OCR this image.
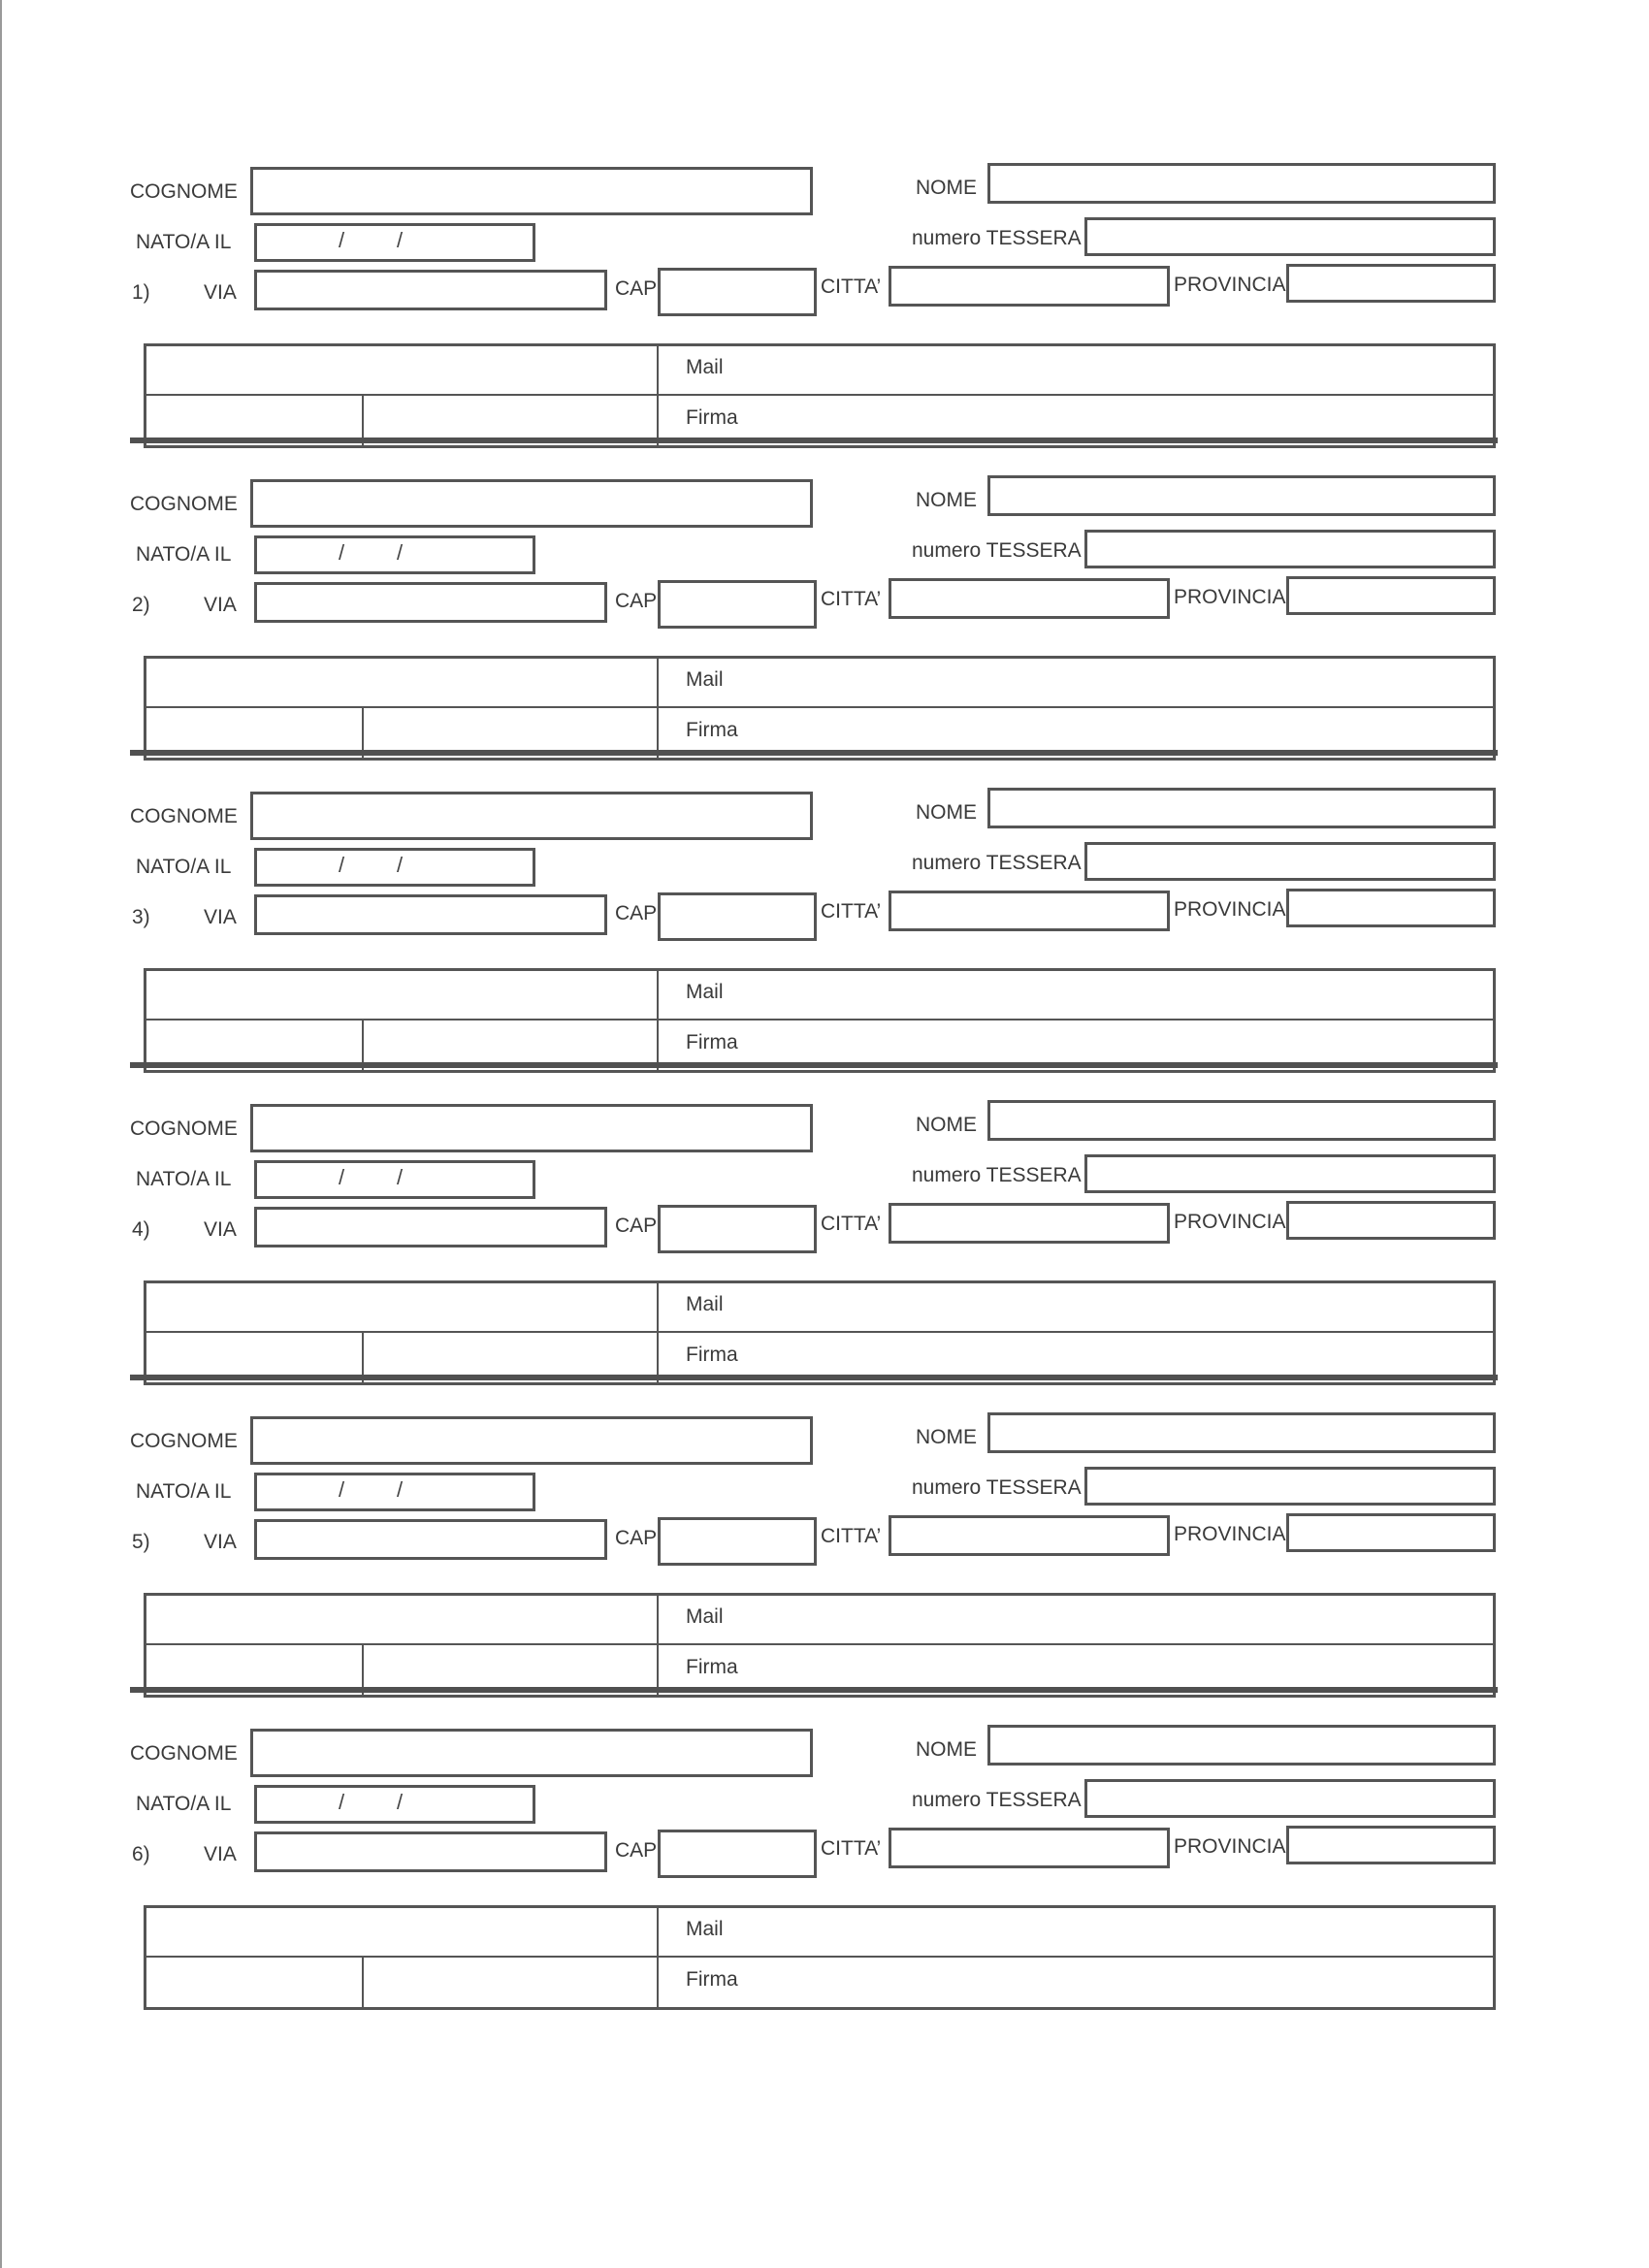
COGNOME	NOME
NATO/A IL	/ /	numero TESSERA
1)	VIA	CAP	CITTA’	PROVINCIA
Mail
Firma
COGNOME	NOME
NATO/A IL	/ /	numero TESSERA
2)	VIA	CAP	CITTA’	PROVINCIA
Mail
Firma
COGNOME	NOME
NATO/A IL	/ /	numero TESSERA
3)	VIA	CAP	CITTA’	PROVINCIA
Mail
Firma
COGNOME	NOME
NATO/A IL	/ /	numero TESSERA
4)	VIA	CAP	CITTA’	PROVINCIA
Mail
Firma
COGNOME	NOME
NATO/A IL	/ /	numero TESSERA
5)	VIA	CAP	CITTA’	PROVINCIA
Mail
Firma
COGNOME	NOME
NATO/A IL	/ /	numero TESSERA
6)	VIA	CAP	CITTA’	PROVINCIA
Mail
Firma
